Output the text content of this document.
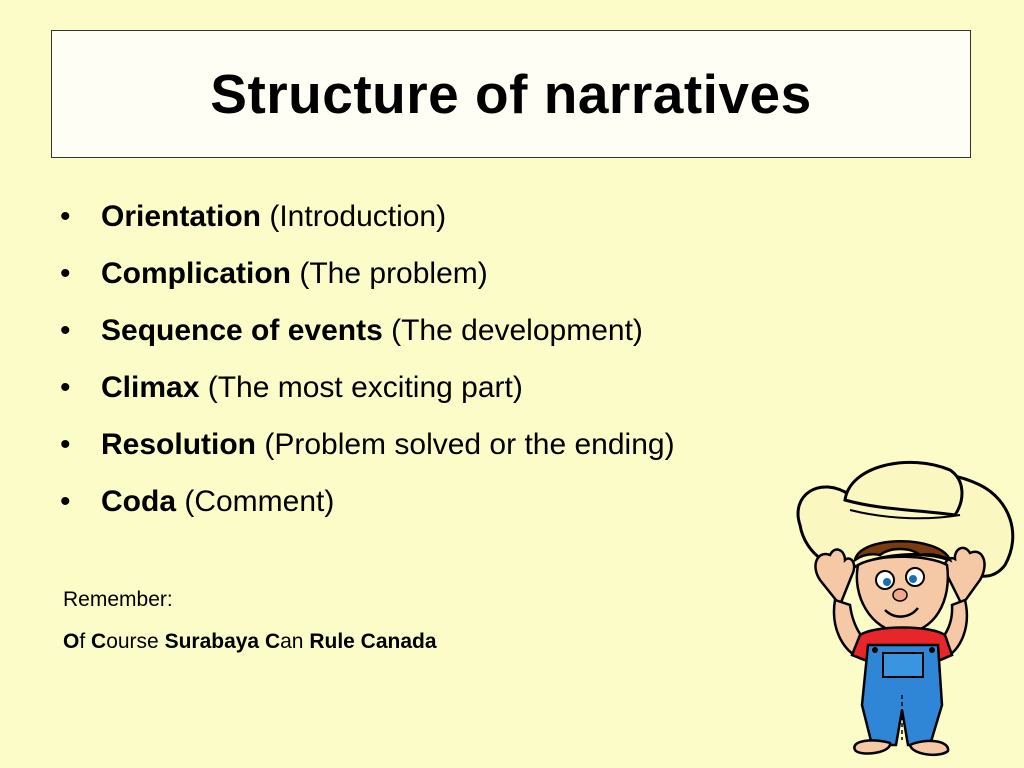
Structure of narratives
•	Orientation (Introduction)
•	Complication (The problem)
•	Sequence of events (The development)
•	Climax (The most exciting part)
•	Resolution (Problem solved or the ending)
•	Coda (Comment)
Remember:
Of Course Surabaya Can Rule Canada
